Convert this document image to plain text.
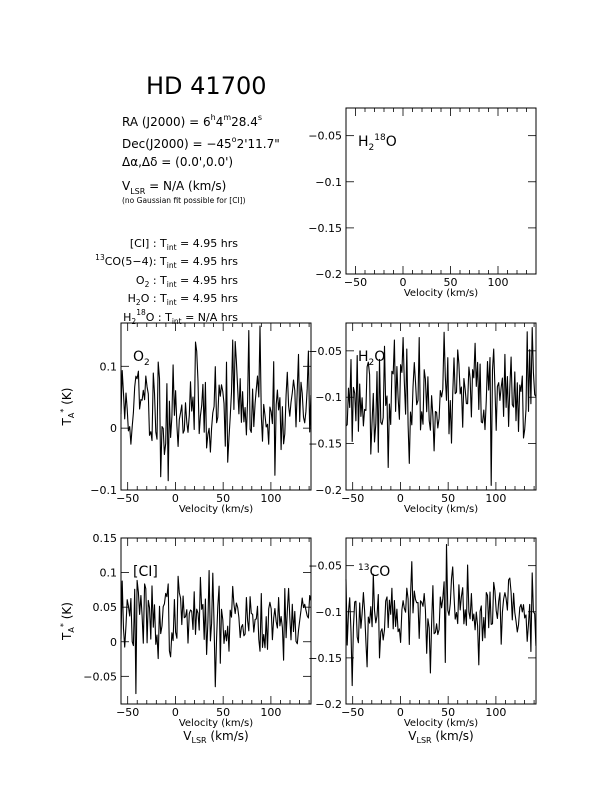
HD 41700
RA $(J2000) = 6^h4^m28.4^s$
$Dec(J2000) = -45^o2'11.7$"
Δα,Δδ = (0.0',0.0')
$V_{LSR} = N/A$ (km/s)
(no Gaussian fit possible for [CI])
[CI] : $T_{int} = 4.95$ hrs
$^{13}$CO(5−4): $T_{int} = 4.95$ hrs
$O_2$ : $T_{int} = 4.95$ hrs
$H_2O$ : $T_{int} = 4.95$ hrs
$H_2^{18}O$ : $T_{int} = N/A$ hrs
−50	0	50	100
−0.2
−0.15
−0.1
−0.05
Velocity (km/s)
$H_2^{18}O$
−50	0	50	100
−0.1
0
0.1
Velocity (km/s)
$T_A^*$ (K)
$O_2$
−50	0	50	100
−0.2
−0.15
−0.1
−0.05
Velocity (km/s)
$H_2O$
−50	0	50	100
−0.05
0
0.05
0.1
0.15
Velocity (km/s)
$V_{LSR}$ (km/s)
$T_A^*$ (K)
[CI]
−50	0	50	100
−0.2
−0.15
−0.1
−0.05
Velocity (km/s)
$V_{LSR}$ (km/s)
$^{13}$CO
